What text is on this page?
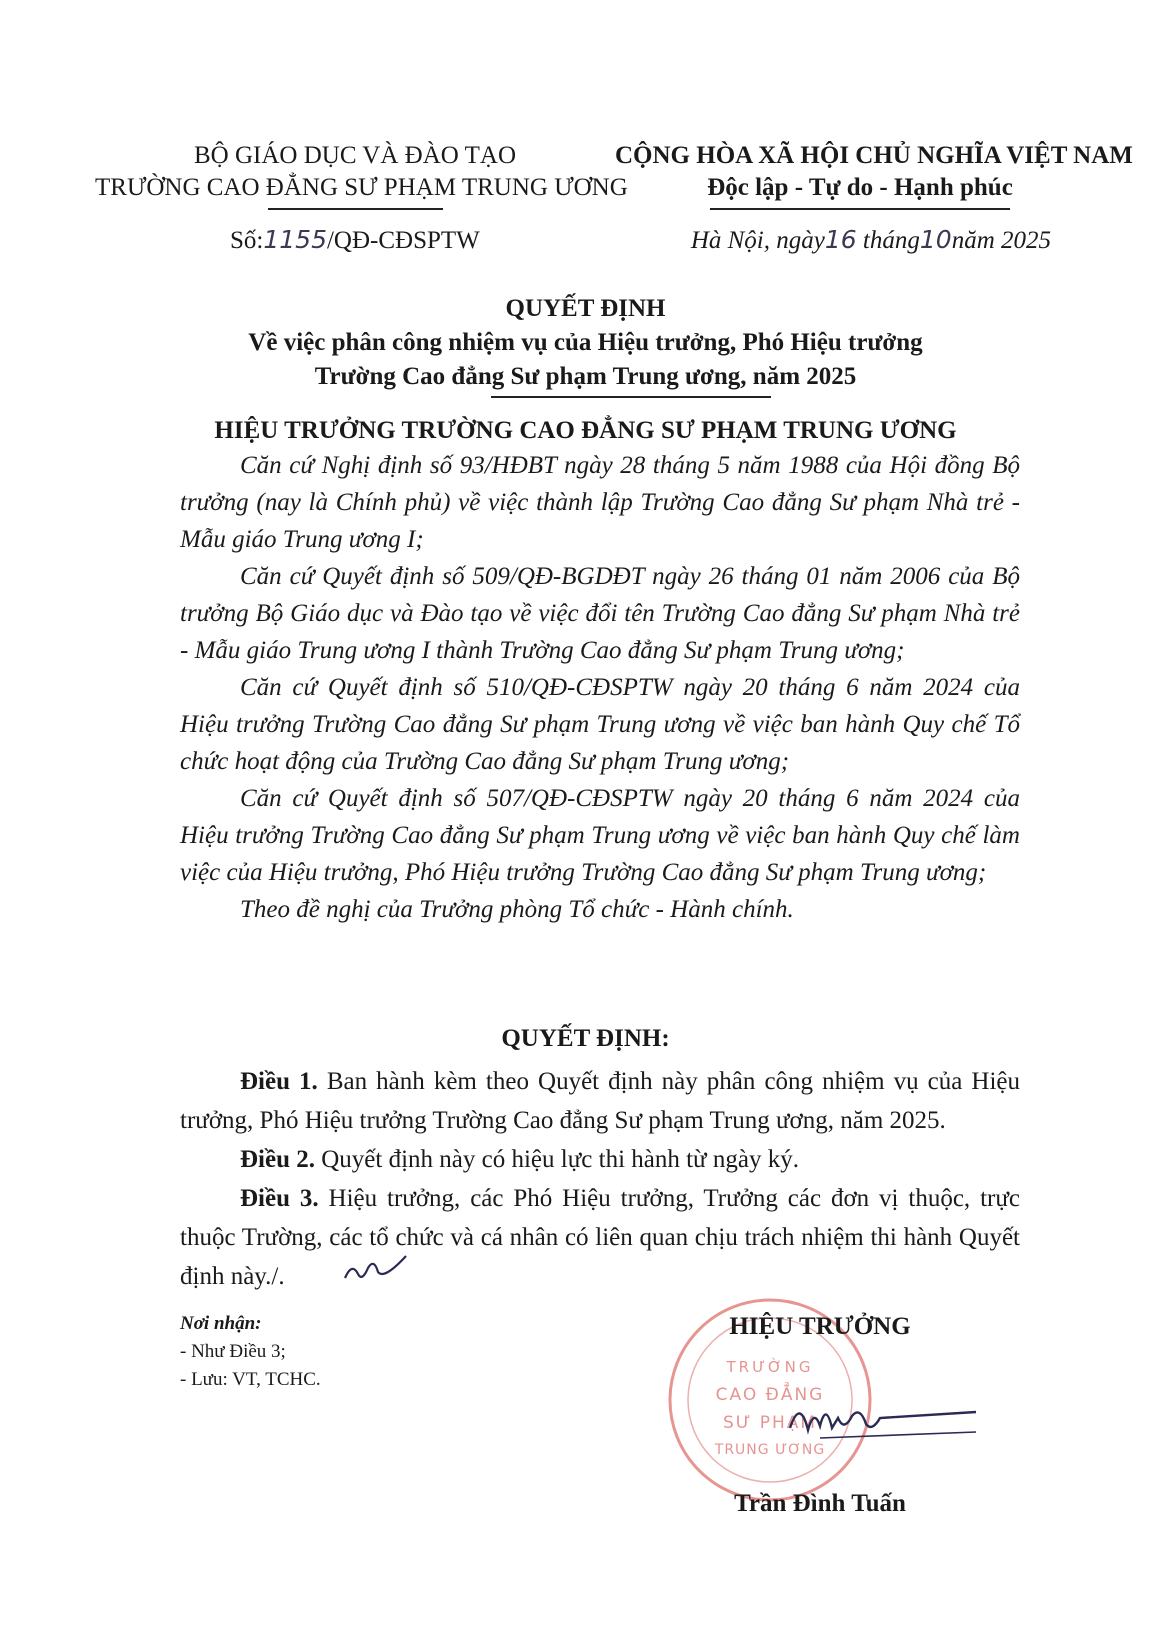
BỘ GIÁO DỤC VÀ ĐÀO TẠO
TRƯỜNG CAO ĐẲNG SƯ PHẠM TRUNG ƯƠNG
CỘNG HÒA XÃ HỘI CHỦ NGHĨA VIỆT NAM
Độc lập - Tự do - Hạnh phúc
Số:1155/QĐ-CĐSPTW	Hà Nội, ngày16 tháng10năm 2025
QUYẾT ĐỊNH
Về việc phân công nhiệm vụ của Hiệu trưởng, Phó Hiệu trưởng
Trường Cao đẳng Sư phạm Trung ương, năm 2025
HIỆU TRƯỞNG TRƯỜNG CAO ĐẲNG SƯ PHẠM TRUNG ƯƠNG

Căn cứ Nghị định số 93/HĐBT ngày 28 tháng 5 năm 1988 của Hội đồng Bộ trưởng (nay là Chính phủ) về việc thành lập Trường Cao đẳng Sư phạm Nhà trẻ - Mẫu giáo Trung ương I;

Căn cứ Quyết định số 509/QĐ-BGDĐT ngày 26 tháng 01 năm 2006 của Bộ trưởng Bộ Giáo dục và Đào tạo về việc đổi tên Trường Cao đẳng Sư phạm Nhà trẻ - Mẫu giáo Trung ương I thành Trường Cao đẳng Sư phạm Trung ương;

Căn cứ Quyết định số 510/QĐ-CĐSPTW ngày 20 tháng 6 năm 2024 của Hiệu trưởng Trường Cao đẳng Sư phạm Trung ương về việc ban hành Quy chế Tổ chức hoạt động của Trường Cao đẳng Sư phạm Trung ương;

Căn cứ Quyết định số 507/QĐ-CĐSPTW ngày 20 tháng 6 năm 2024 của Hiệu trưởng Trường Cao đẳng Sư phạm Trung ương về việc ban hành Quy chế làm việc của Hiệu trưởng, Phó Hiệu trưởng Trường Cao đẳng Sư phạm Trung ương;

Theo đề nghị của Trưởng phòng Tổ chức - Hành chính.

QUYẾT ĐỊNH:

Điều 1. Ban hành kèm theo Quyết định này phân công nhiệm vụ của Hiệu trưởng, Phó Hiệu trưởng Trường Cao đẳng Sư phạm Trung ương, năm 2025.

Điều 2. Quyết định này có hiệu lực thi hành từ ngày ký.

Điều 3. Hiệu trưởng, các Phó Hiệu trưởng, Trưởng các đơn vị thuộc, trực thuộc Trường, các tổ chức và cá nhân có liên quan chịu trách nhiệm thi hành Quyết định này./.

Nơi nhận:
- Như Điều 3;
- Lưu: VT, TCHC.
TRƯỜNG
CAO ĐẲNG
SƯ PHẠM
TRUNG ƯƠNG
HIỆU TRƯỞNG
Trần Đình Tuấn
